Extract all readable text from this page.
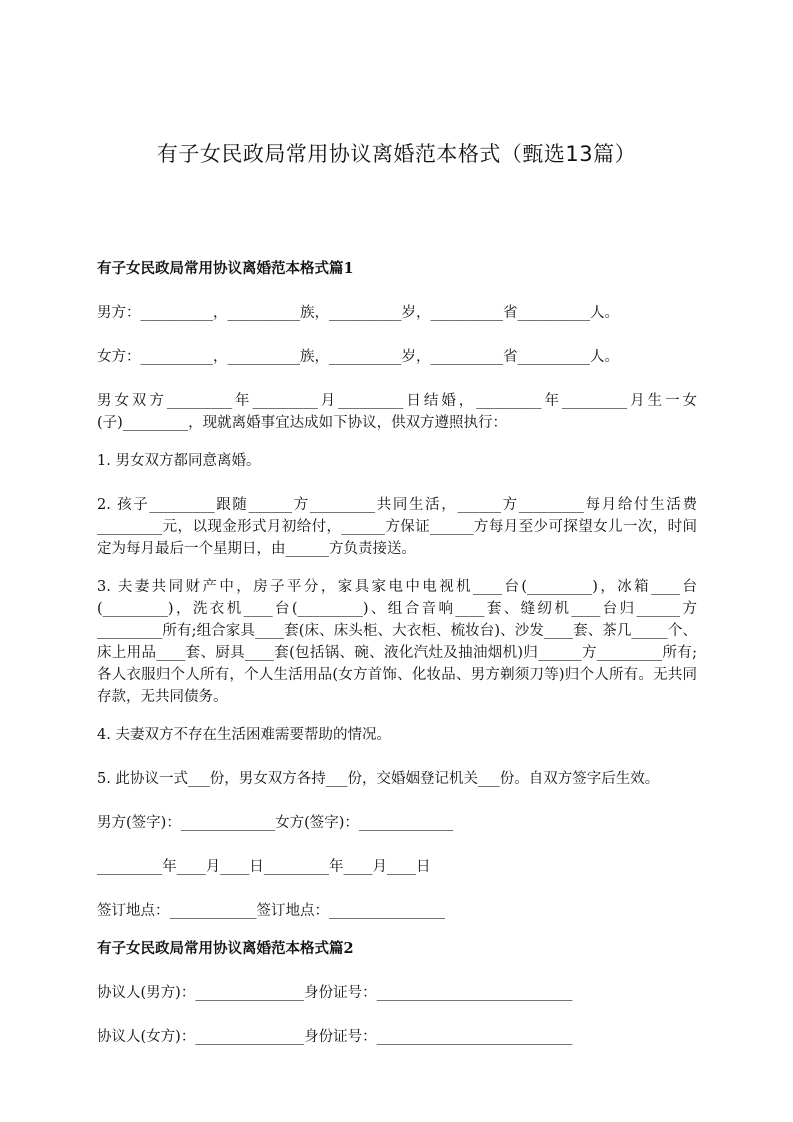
有子女民政局常用协议离婚范本格式（甄选13篇）
有子女民政局常用协议离婚范本格式篇1

男方：__________，__________族，__________岁，__________省__________人。

女方：__________，__________族，__________岁，__________省__________人。

男女双方_________年_________月_________日结婚，_________年_________月生一女(子)_________，现就离婚事宜达成如下协议，供双方遵照执行：

1. 男女双方都同意离婚。

2. 孩子_________跟随______方_________共同生活，______方_________每月给付生活费_________元，以现金形式月初给付，______方保证______方每月至少可探望女儿一次，时间定为每月最后一个星期日，由______方负责接送。

3. 夫妻共同财产中，房子平分，家具家电中电视机____台(_________)，冰箱____台(_________)，洗衣机____台(_________)、组合音响____套、缝纫机____台归______方_________所有;组合家具____套(床、床头柜、大衣柜、梳妆台)、沙发____套、茶几_____个、床上用品____套、厨具____套(包括锅、碗、液化汽灶及抽油烟机)归______方_________所有;各人衣服归个人所有，个人生活用品(女方首饰、化妆品、男方剃须刀等)归个人所有。无共同存款，无共同债务。

4. 夫妻双方不存在生活困难需要帮助的情况。

5. 此协议一式___份，男女双方各持___份，交婚姻登记机关___份。自双方签字后生效。

男方(签字)：_____________女方(签字)：_____________

_________年____月____日_________年____月____日

签订地点：____________签订地点：________________

有子女民政局常用协议离婚范本格式篇2

协议人(男方)：_______________身份证号：___________________________

协议人(女方)：_______________身份证号：___________________________
